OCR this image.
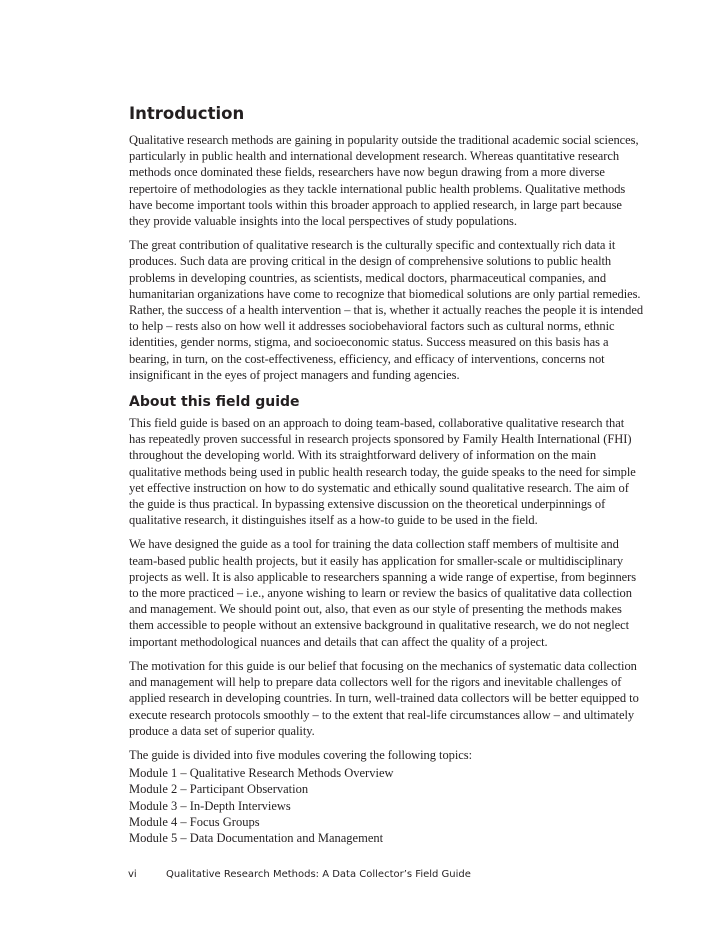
Introduction

Qualitative research methods are gaining in popularity outside the traditional academic social sciences, particularly in public health and international development research. Whereas quantitative research methods once dominated these fields, researchers have now begun drawing from a more diverse repertoire of methodologies as they tackle international public health problems. Qualitative methods have become important tools within this broader approach to applied research, in large part because they provide valuable insights into the local perspectives of study populations.

The great contribution of qualitative research is the culturally specific and contextually rich data it produces. Such data are proving critical in the design of comprehensive solutions to public health problems in developing countries, as scientists, medical doctors, pharmaceutical companies, and humanitarian organizations have come to recognize that biomedical solutions are only partial remedies. Rather, the success of a health intervention – that is, whether it actually reaches the people it is intended to help – rests also on how well it addresses sociobehavioral factors such as cultural norms, ethnic identities, gender norms, stigma, and socioeconomic status. Success measured on this basis has a bearing, in turn, on the cost-effectiveness, efficiency, and efficacy of interventions, concerns not insignificant in the eyes of project managers and funding agencies.

About this field guide

This field guide is based on an approach to doing team-based, collaborative qualitative research that has repeatedly proven successful in research projects sponsored by Family Health International (FHI) throughout the developing world. With its straightforward delivery of information on the main qualitative methods being used in public health research today, the guide speaks to the need for simple yet effective instruction on how to do systematic and ethically sound qualitative research. The aim of the guide is thus practical. In bypassing extensive discussion on the theoretical underpinnings of qualitative research, it distinguishes itself as a how-to guide to be used in the field.

We have designed the guide as a tool for training the data collection staff members of multisite and team-based public health projects, but it easily has application for smaller-scale or multidisciplinary projects as well. It is also applicable to researchers spanning a wide range of expertise, from beginners to the more practiced – i.e., anyone wishing to learn or review the basics of qualitative data collection and management. We should point out, also, that even as our style of presenting the methods makes them accessible to people without an extensive background in qualitative research, we do not neglect important methodological nuances and details that can affect the quality of a project.

The motivation for this guide is our belief that focusing on the mechanics of systematic data collection and management will help to prepare data collectors well for the rigors and inevitable challenges of applied research in developing countries. In turn, well-trained data collectors will be better equipped to execute research protocols smoothly – to the extent that real-life circumstances allow – and ultimately produce a data set of superior quality.

The guide is divided into five modules covering the following topics:

Module 1 – Qualitative Research Methods Overview
Module 2 – Participant Observation
Module 3 – In-Depth Interviews
Module 4 – Focus Groups
Module 5 – Data Documentation and Management
vi	Qualitative Research Methods: A Data Collector’s Field Guide
